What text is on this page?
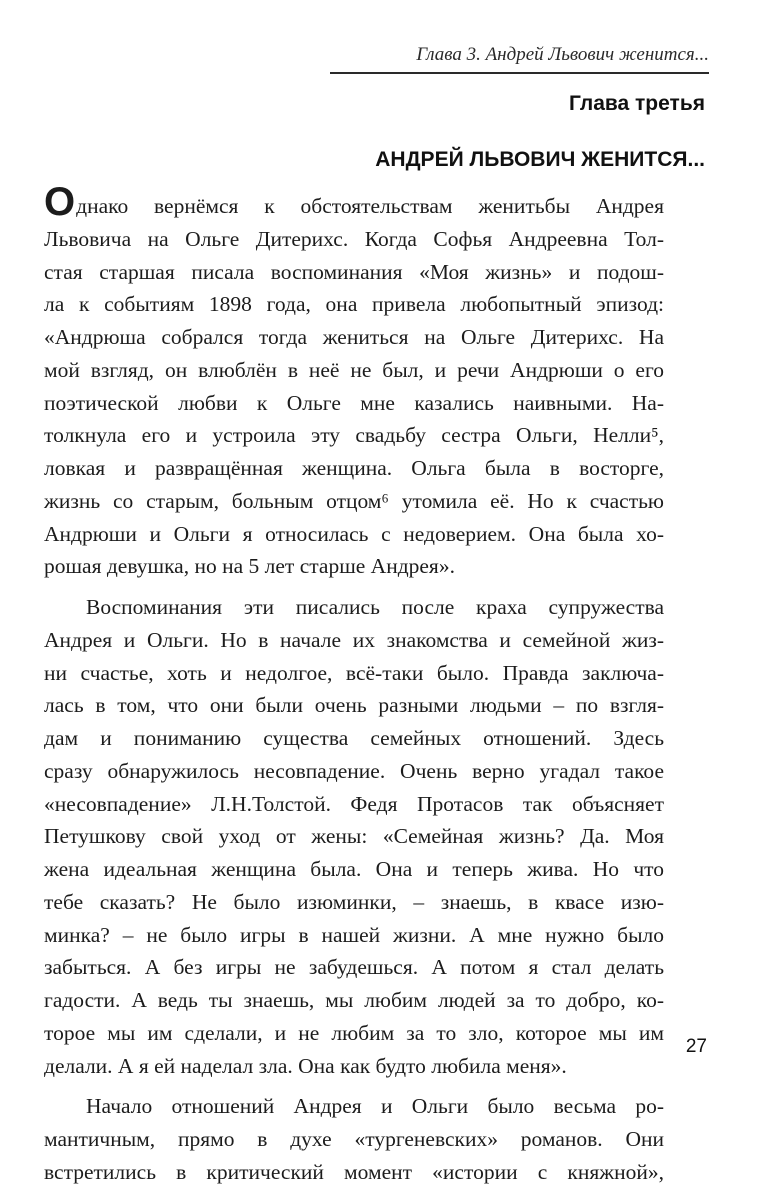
Глава 3. Андрей Львович женится...
Глава третья
АНДРЕЙ ЛЬВОВИЧ ЖЕНИТСЯ...
Однако вернёмся к обстоятельствам женитьбы Андрея
Львовича на Ольге Дитерихс. Когда Софья Андреевна Тол-
стая старшая писала воспоминания «Моя жизнь» и подош-
ла к событиям 1898 года, она привела любопытный эпизод:
«Андрюша собрался тогда жениться на Ольге Дитерихс. На
мой взгляд, он влюблён в неё не был, и речи Андрюши о его
поэтической любви к Ольге мне казались наивными. На-
толкнула его и устроила эту свадьбу сестра Ольги, Нелли⁵,
ловкая и развращённая женщина. Ольга была в восторге,
жизнь со старым, больным отцом⁶ утомила её. Но к счастью
Андрюши и Ольги я относилась с недоверием. Она была хо-
рошая девушка, но на 5 лет старше Андрея».
Воспоминания эти писались после краха супружества
Андрея и Ольги. Но в начале их знакомства и семейной жиз-
ни счастье, хоть и недолгое, всё-таки было. Правда заключа-
лась в том, что они были очень разными людьми – по взгля-
дам и пониманию существа семейных отношений. Здесь
сразу обнаружилось несовпадение. Очень верно угадал такое
«несовпадение» Л.Н.Толстой. Федя Протасов так объясняет
Петушкову свой уход от жены: «Семейная жизнь? Да. Моя
жена идеальная женщина была. Она и теперь жива. Но что
тебе сказать? Не было изюминки, – знаешь, в квасе изю-
минка? – не было игры в нашей жизни. А мне нужно было
забыться. А без игры не забудешься. А потом я стал делать
гадости. А ведь ты знаешь, мы любим людей за то добро, ко-
торое мы им сделали, и не любим за то зло, которое мы им
делали. А я ей наделал зла. Она как будто любила меня».
Начало отношений Андрея и Ольги было весьма ро-
мантичным, прямо в духе «тургеневских» романов. Они
встретились в критический момент «истории с княжной»,
27
